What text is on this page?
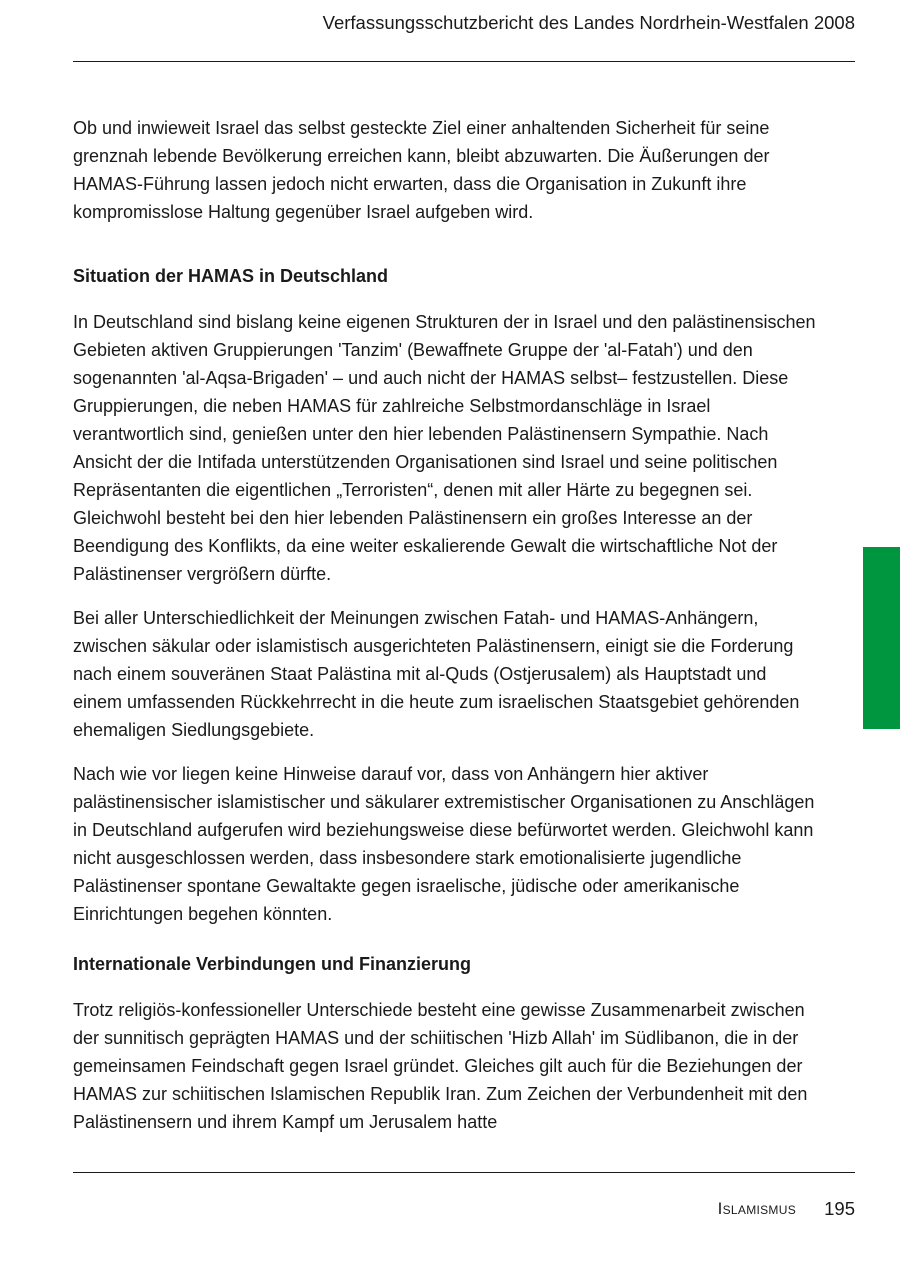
Verfassungsschutzbericht des Landes Nordrhein-Westfalen 2008

Ob und inwieweit Israel das selbst gesteckte Ziel einer anhaltenden Sicherheit für seine grenznah lebende Bevölkerung erreichen kann, bleibt abzuwarten. Die Äußerungen der HAMAS-Führung lassen jedoch nicht erwarten, dass die Organisation in Zukunft ihre kompromisslose Haltung gegenüber Israel aufgeben wird.

Situation der HAMAS in Deutschland

In Deutschland sind bislang keine eigenen Strukturen der in Israel und den palästinensischen Gebieten aktiven Gruppierungen 'Tanzim' (Bewaffnete Gruppe der 'al-Fatah') und den sogenannten 'al-Aqsa-Brigaden' – und auch nicht der HAMAS selbst– festzustellen. Diese Gruppierungen, die neben HAMAS für zahlreiche Selbstmordanschläge in Israel verantwortlich sind, genießen unter den hier lebenden Palästinensern Sympathie. Nach Ansicht der die Intifada unterstützenden Organisationen sind Israel und seine politischen Repräsentanten die eigentlichen „Terroristen“, denen mit aller Härte zu begegnen sei. Gleichwohl besteht bei den hier lebenden Palästinensern ein großes Interesse an der Beendigung des Konflikts, da eine weiter eskalierende Gewalt die wirtschaftliche Not der Palästinenser vergrößern dürfte.

Bei aller Unterschiedlichkeit der Meinungen zwischen Fatah- und HAMAS-Anhängern, zwischen säkular oder islamistisch ausgerichteten Palästinensern, einigt sie die Forderung nach einem souveränen Staat Palästina mit al-Quds (Ostjerusalem) als Hauptstadt und einem umfassenden Rückkehrrecht in die heute zum israelischen Staatsgebiet gehörenden ehemaligen Siedlungsgebiete.

Nach wie vor liegen keine Hinweise darauf vor, dass von Anhängern hier aktiver palästinensischer islamistischer und säkularer extremistischer Organisationen zu Anschlägen in Deutschland aufgerufen wird beziehungsweise diese befürwortet werden. Gleichwohl kann nicht ausgeschlossen werden, dass insbesondere stark emotionalisierte jugendliche Palästinenser spontane Gewaltakte gegen israelische, jüdische oder amerikanische Einrichtungen begehen könnten.

Internationale Verbindungen und Finanzierung

Trotz religiös-konfessioneller Unterschiede besteht eine gewisse Zusammenarbeit zwischen der sunnitisch geprägten HAMAS und der schiitischen 'Hizb Allah' im Südlibanon, die in der gemeinsamen Feindschaft gegen Israel gründet. Gleiches gilt auch für die Beziehungen der HAMAS zur schiitischen Islamischen Republik Iran. Zum Zeichen der Verbundenheit mit den Palästinensern und ihrem Kampf um Jerusalem hatte

Islamismus 195
